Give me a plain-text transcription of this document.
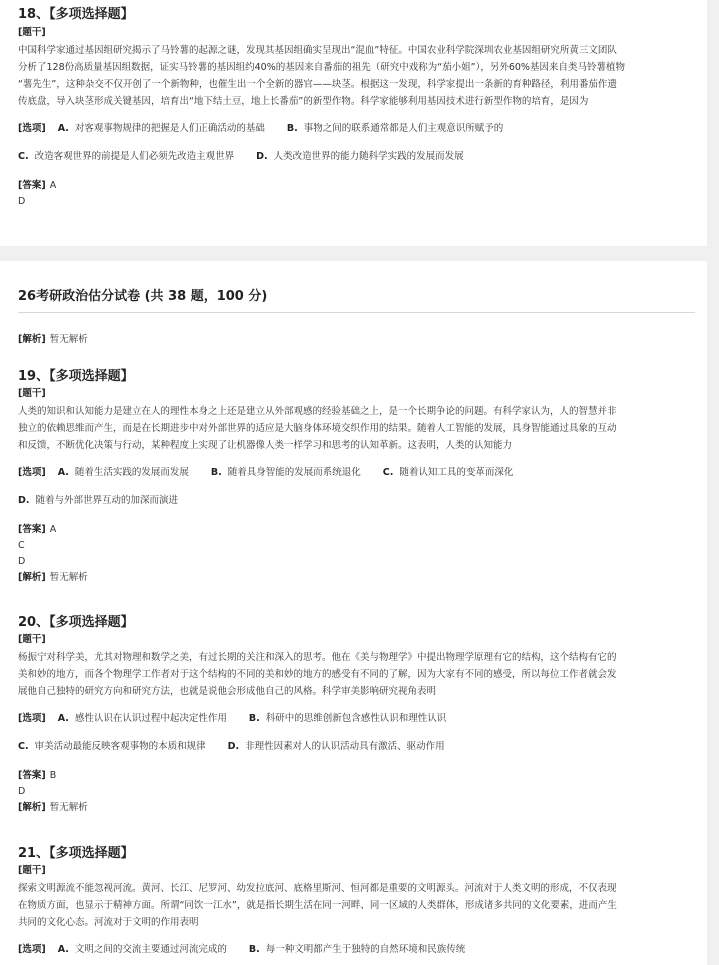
18、【多项选择题】
[题干]
中国科学家通过基因组研究揭示了马铃薯的起源之谜，发现其基因组确实呈现出“混血”特征。中国农业科学院深圳农业基因组研究所黄三文团队
分析了128份高质量基因组数据，证实马铃薯的基因组约40%的基因来自番茄的祖先（研究中戏称为“茄小姐”），另外60%基因来自类马铃薯植物
“薯先生”，这种杂交不仅开创了一个新物种，也催生出一个全新的器官——块茎。根据这一发现，科学家提出一条新的育种路径，利用番茄作遗
传底盘，导入块茎形成关键基因，培育出“地下结土豆，地上长番茄”的新型作物。科学家能够利用基因技术进行新型作物的培育，是因为
[选项] A. 对客观事物规律的把握是人们正确活动的基础 B. 事物之间的联系通常都是人们主观意识所赋予的
C. 改造客观世界的前提是人们必须先改造主观世界 D. 人类改造世界的能力随科学实践的发展而发展
[答案] A
D
26考研政治估分试卷 (共 38 题，100 分)
[解析] 暂无解析
19、【多项选择题】
[题干]
人类的知识和认知能力是建立在人的理性本身之上还是建立从外部观感的经验基础之上，是一个长期争论的问题。有科学家认为，人的智慧并非
独立的依赖思维而产生，而是在长期进步中对外部世界的适应是大脑身体环境交织作用的结果。随着人工智能的发展，具身智能通过具象的互动
和反馈，不断优化决策与行动，某种程度上实现了让机器像人类一样学习和思考的认知革新。这表明，人类的认知能力
[选项] A. 随着生活实践的发展而发展 B. 随着具身智能的发展而系统退化 C. 随着认知工具的变革而深化
D. 随着与外部世界互动的加深而演进
[答案] A
C
D
[解析] 暂无解析
20、【多项选择题】
[题干]
杨振宁对科学美，尤其对物理和数学之美，有过长期的关注和深入的思考。他在《美与物理学》中提出物理学原理有它的结构，这个结构有它的
美和妙的地方，而各个物理学工作者对于这个结构的不同的美和妙的地方的感受有不同的了解，因为大家有不同的感受，所以每位工作者就会发
展他自己独特的研究方向和研究方法，也就是说他会形成他自己的风格。科学审美影响研究视角表明
[选项] A. 感性认识在认识过程中起决定性作用 B. 科研中的思维创新包含感性认识和理性认识
C. 审美活动最能反映客观事物的本质和规律 D. 非理性因素对人的认识活动具有激活、驱动作用
[答案] B
D
[解析] 暂无解析
21、【多项选择题】
[题干]
探索文明源流不能忽视河流。黄河、长江、尼罗河、幼发拉底河、底格里斯河、恒河都是重要的文明源头。河流对于人类文明的形成，不仅表现
在物质方面，也显示于精神方面。所谓“同饮一江水”，就是指长期生活在同一河畔、同一区域的人类群体，形成诸多共同的文化要素，进而产生
共同的文化心态。河流对于文明的作用表明
[选项] A. 文明之间的交流主要通过河流完成的 B. 每一种文明都产生于独特的自然环境和民族传统
